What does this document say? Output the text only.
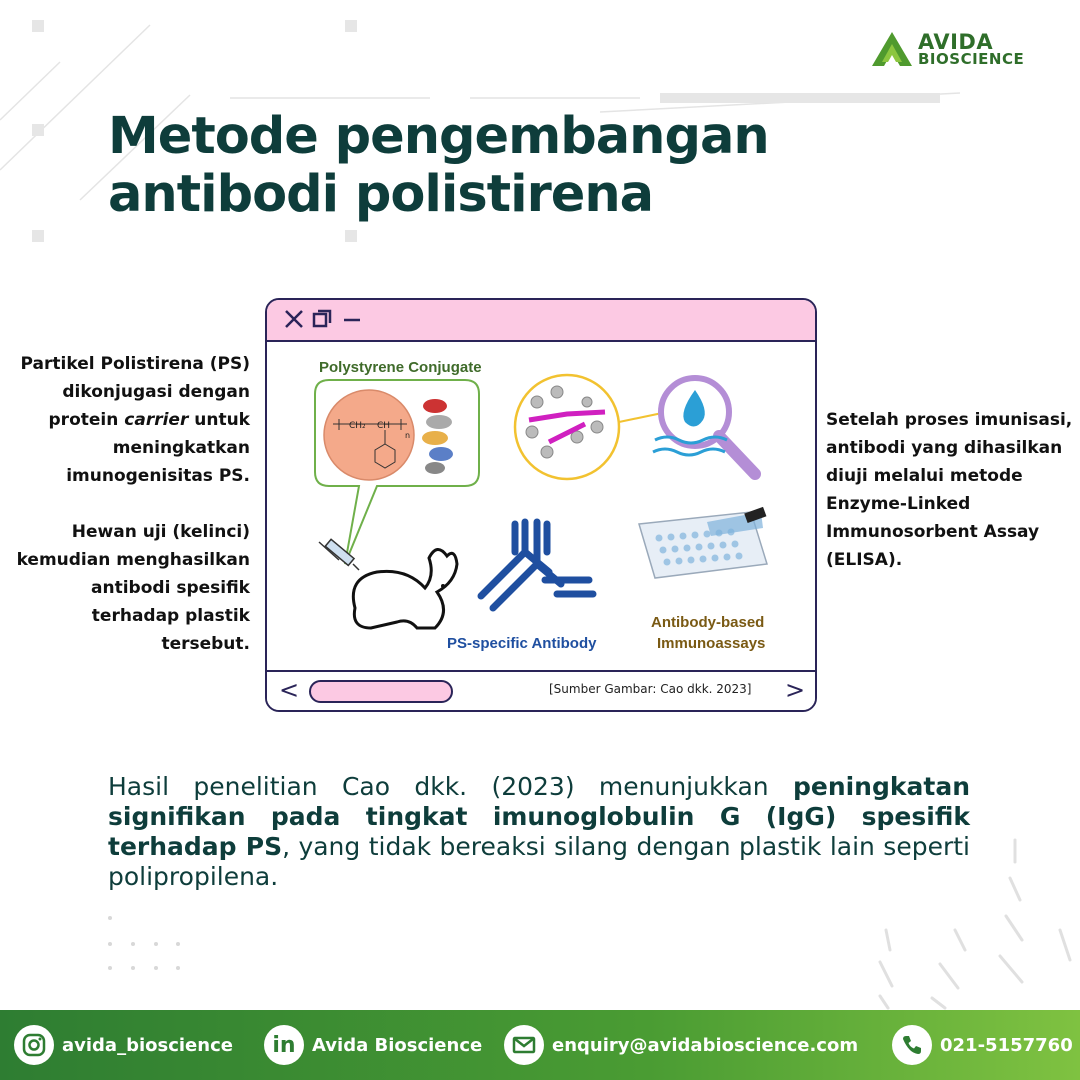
AVIDA
BIOSCIENCE
Metode pengembangan
antibodi polistirena

Partikel Polistirena (PS) dikonjugasi dengan protein carrier untuk meningkatkan imunogenisitas PS.

Hewan uji (kelinci) kemudian menghasilkan antibodi spesifik terhadap plastik tersebut.

Setelah proses imunisasi, antibodi yang dihasilkan diuji melalui metode Enzyme-Linked Immunosorbent Assay (ELISA).

Polystyrene Conjugate
CH₂ CH
n
PS-specific Antibody
Antibody-based
Immunoassays
<	[Sumber Gambar: Cao dkk. 2023] >
Hasil penelitian Cao dkk. (2023) menunjukkan peningkatan signifikan pada tingkat imunoglobulin G (IgG) spesifik terhadap PS, yang tidak bereaksi silang dengan plastik lain seperti polipropilena.
avida_bioscience in Avida Bioscience	enquiry@avidabioscience.com	021-5157760
